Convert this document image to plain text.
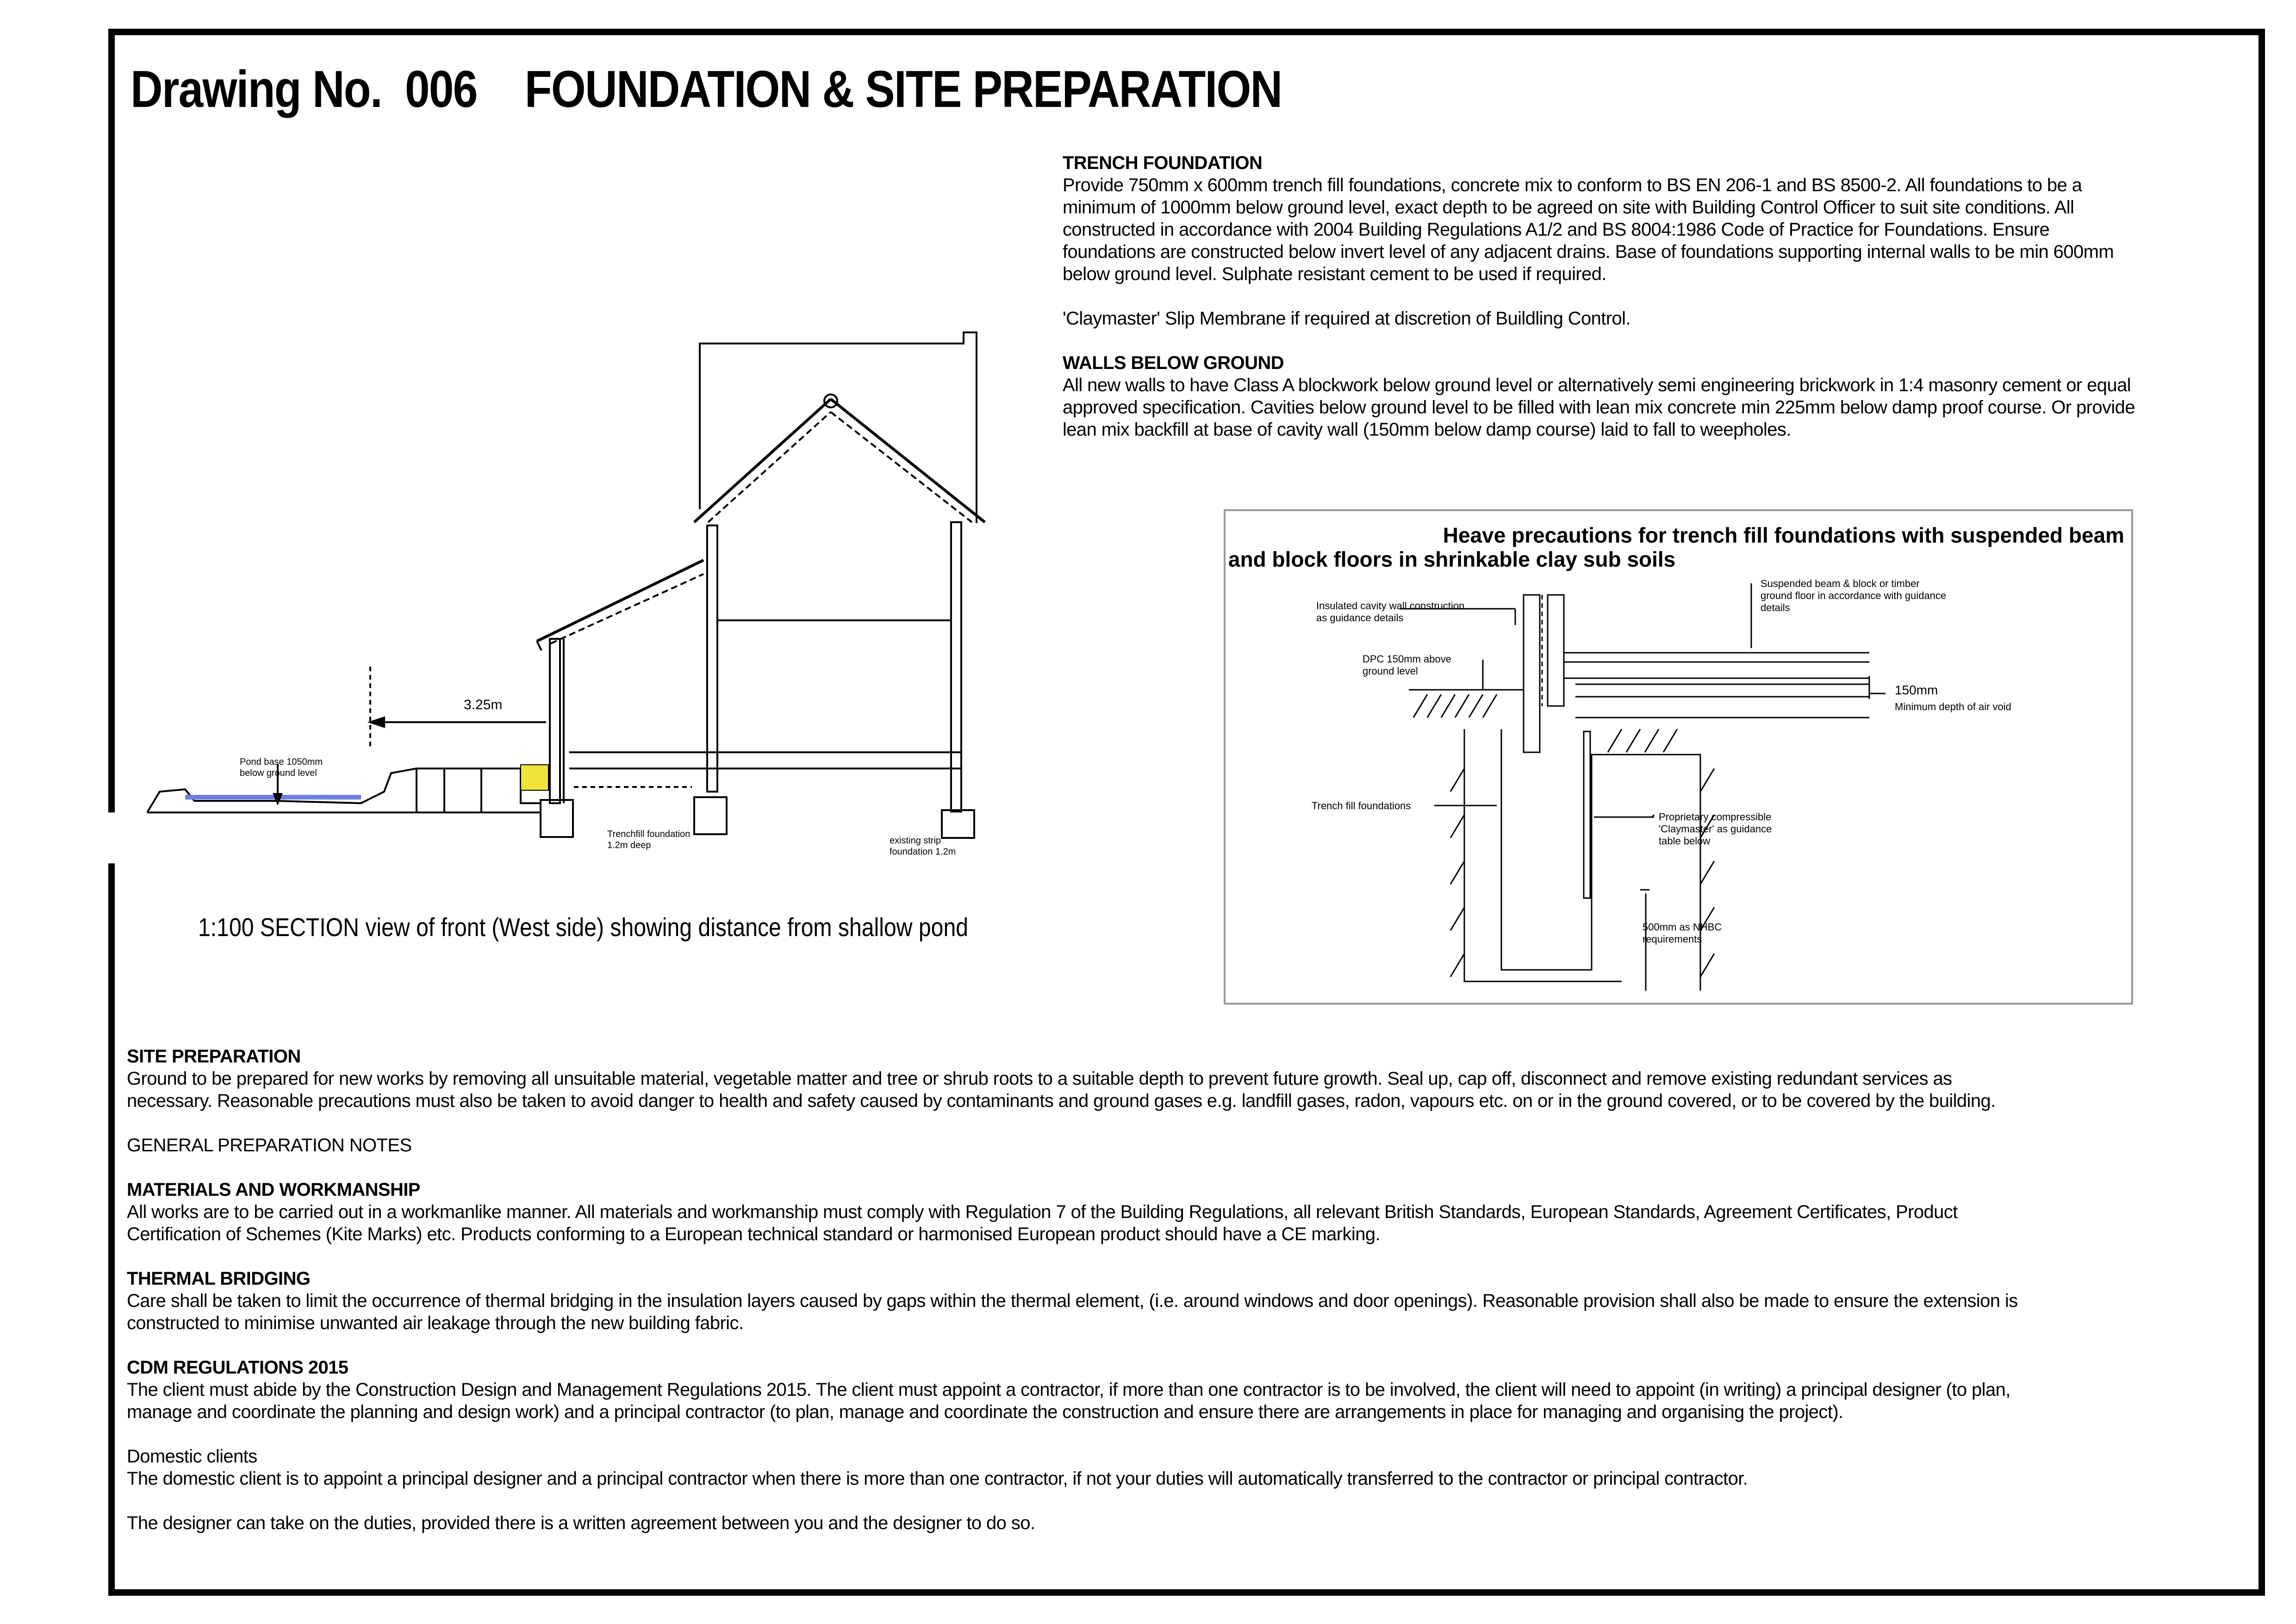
Drawing No. 006 FOUNDATION & SITE PREPARATION
TRENCH FOUNDATION

Provide 750mm x 600mm trench fill foundations, concrete mix to conform to BS EN 206-1 and BS 8500-2. All foundations to be a

minimum of 1000mm below ground level, exact depth to be agreed on site with Building Control Officer to suit site conditions. All

constructed in accordance with 2004 Building Regulations A1/2 and BS 8004:1986 Code of Practice for Foundations. Ensure

foundations are constructed below invert level of any adjacent drains. Base of foundations supporting internal walls to be min 600mm

below ground level. Sulphate resistant cement to be used if required.

'Claymaster' Slip Membrane if required at discretion of Buildling Control.

WALLS BELOW GROUND

All new walls to have Class A blockwork below ground level or alternatively semi engineering brickwork in 1:4 masonry cement or equal

approved specification. Cavities below ground level to be filled with lean mix concrete min 225mm below damp proof course. Or provide

lean mix backfill at base of cavity wall (150mm below damp course) laid to fall to weepholes.

3.25m
Pond base 1050mm
below ground level
Trenchfill foundation
1.2m deep	existing strip
foundation 1.2m
1:100 SECTION view of front (West side) showing distance from shallow pond
Heave precautions for trench fill foundations with suspended beam
and block floors in shrinkable clay sub soils
Insulated cavity wall construction
as guidance details
DPC 150mm above
ground level
Trench fill foundations
Suspended beam & block or timber
ground floor in accordance with guidance
details
150mm
Minimum depth of air void
Proprietary compressible
'Claymaster' as guidance
table below
500mm as NHBC
requirements
SITE PREPARATION

Ground to be prepared for new works by removing all unsuitable material, vegetable matter and tree or shrub roots to a suitable depth to prevent future growth. Seal up, cap off, disconnect and remove existing redundant services as

necessary. Reasonable precautions must also be taken to avoid danger to health and safety caused by contaminants and ground gases e.g. landfill gases, radon, vapours etc. on or in the ground covered, or to be covered by the building.

GENERAL PREPARATION NOTES

MATERIALS AND WORKMANSHIP

All works are to be carried out in a workmanlike manner. All materials and workmanship must comply with Regulation 7 of the Building Regulations, all relevant British Standards, European Standards, Agreement Certificates, Product

Certification of Schemes (Kite Marks) etc. Products conforming to a European technical standard or harmonised European product should have a CE marking.

THERMAL BRIDGING

Care shall be taken to limit the occurrence of thermal bridging in the insulation layers caused by gaps within the thermal element, (i.e. around windows and door openings). Reasonable provision shall also be made to ensure the extension is

constructed to minimise unwanted air leakage through the new building fabric.

CDM REGULATIONS 2015

The client must abide by the Construction Design and Management Regulations 2015. The client must appoint a contractor, if more than one contractor is to be involved, the client will need to appoint (in writing) a principal designer (to plan,

manage and coordinate the planning and design work) and a principal contractor (to plan, manage and coordinate the construction and ensure there are arrangements in place for managing and organising the project).

Domestic clients

The domestic client is to appoint a principal designer and a principal contractor when there is more than one contractor, if not your duties will automatically transferred to the contractor or principal contractor.

The designer can take on the duties, provided there is a written agreement between you and the designer to do so.
